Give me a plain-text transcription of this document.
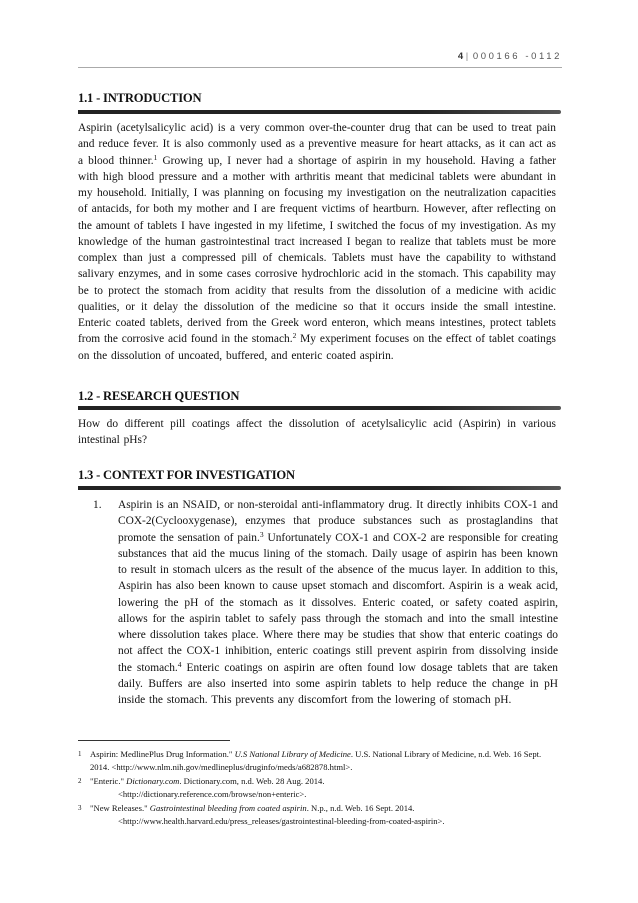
4| 000166 -0112
1.1 - INTRODUCTION
Aspirin (acetylsalicylic acid) is a very common over-the-counter drug that can be used to treat pain and reduce fever. It is also commonly used as a preventive measure for heart attacks, as it can act as a blood thinner.$^1$ Growing up, I never had a shortage of aspirin in my household. Having a father with high blood pressure and a mother with arthritis meant that medicinal tablets were abundant in my household. Initially, I was planning on focusing my investigation on the neutralization capacities of antacids, for both my mother and I are frequent victims of heartburn. However, after reflecting on the amount of tablets I have ingested in my lifetime, I switched the focus of my investigation. As my knowledge of the human gastrointestinal tract increased I began to realize that tablets must be more complex than just a compressed pill of chemicals. Tablets must have the capability to withstand salivary enzymes, and in some cases corrosive hydrochloric acid in the stomach. This capability may be to protect the stomach from acidity that results from the dissolution of a medicine with acidic qualities, or it delay the dissolution of the medicine so that it occurs inside the small intestine. Enteric coated tablets, derived from the Greek word enteron, which means intestines, protect tablets from the corrosive acid found in the stomach.$^2$ My experiment focuses on the effect of tablet coatings on the dissolution of uncoated, buffered, and enteric coated aspirin.
1.2 - RESEARCH QUESTION
How do different pill coatings affect the dissolution of acetylsalicylic acid (Aspirin) in various intestinal pHs?
1.3 - CONTEXT FOR INVESTIGATION
1. Aspirin is an NSAID, or non-steroidal anti-inflammatory drug. It directly inhibits COX-1 and COX-2(Cyclooxygenase), enzymes that produce substances such as prostaglandins that promote the sensation of pain.$^3$ Unfortunately COX-1 and COX-2 are responsible for creating substances that aid the mucus lining of the stomach. Daily usage of aspirin has been known to result in stomach ulcers as the result of the absence of the mucus layer. In addition to this, Aspirin has also been known to cause upset stomach and discomfort. Aspirin is a weak acid, lowering the pH of the stomach as it dissolves. Enteric coated, or safety coated aspirin, allows for the aspirin tablet to safely pass through the stomach and into the small intestine where dissolution takes place. Where there may be studies that show that enteric coatings do not affect the COX-1 inhibition, enteric coatings still prevent aspirin from dissolving inside the stomach.$^4$ Enteric coatings on aspirin are often found low dosage tablets that are taken daily. Buffers are also inserted into some aspirin tablets to help reduce the change in pH inside the stomach. This prevents any discomfort from the lowering of stomach pH.
1 Aspirin: MedlinePlus Drug Information." U.S National Library of Medicine. U.S. National Library of Medicine, n.d. Web. 16 Sept. 2014. <http://www.nlm.nih.gov/medlineplus/druginfo/meds/a682878.html>.
2 "Enteric." Dictionary.com. Dictionary.com, n.d. Web. 28 Aug. 2014.
<http://dictionary.reference.com/browse/non+enteric>.
3 "New Releases." Gastrointestinal bleeding from coated aspirin. N.p., n.d. Web. 16 Sept. 2014.
<http://www.health.harvard.edu/press_releases/gastrointestinal-bleeding-from-coated-aspirin>.
